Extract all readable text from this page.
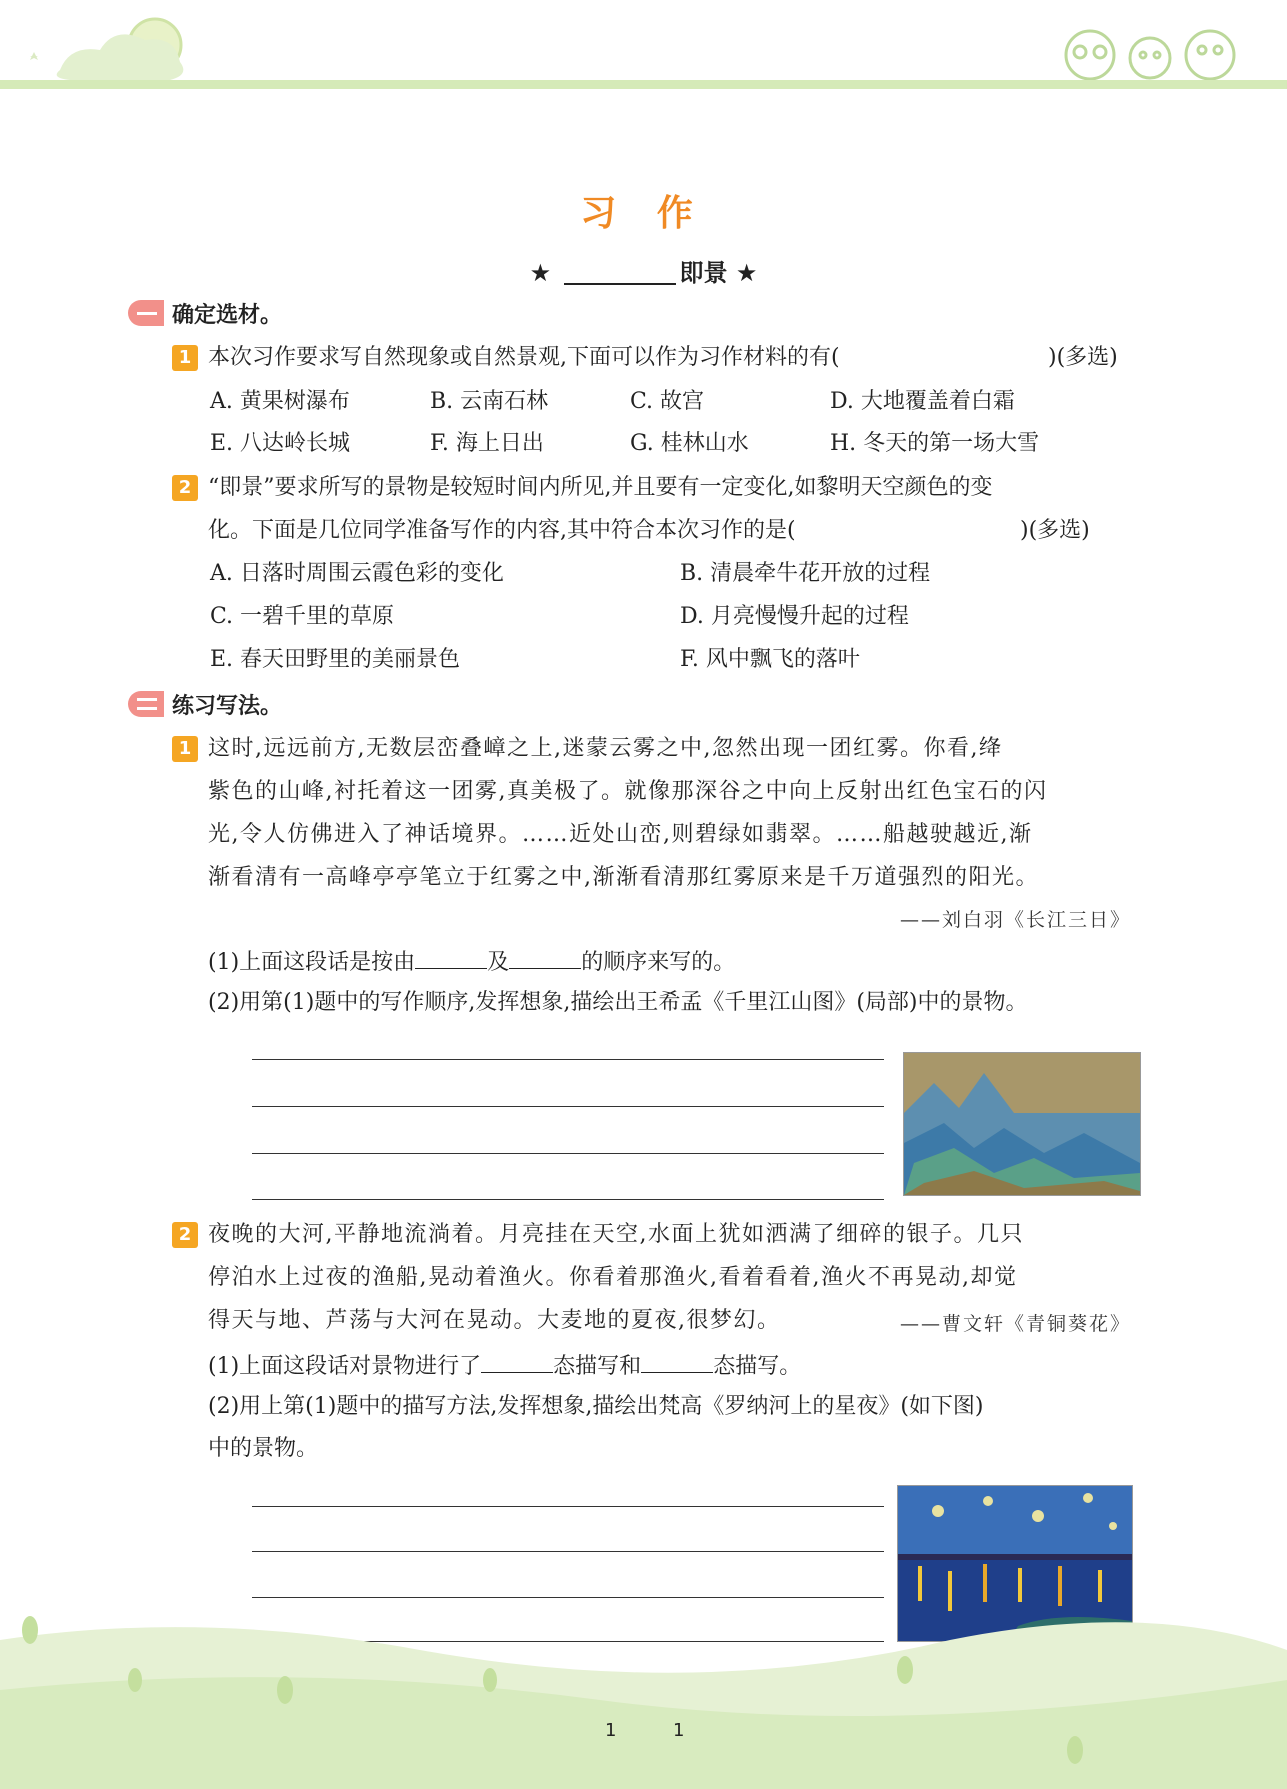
习 作
★	即景 ★
确定选材。
1 本次习作要求写自然现象或自然景观,下面可以作为习作材料的有(	)(多选)
A. 黄果树瀑布	B. 云南石林	C. 故宫	D. 大地覆盖着白霜
E. 八达岭长城	F. 海上日出	G. 桂林山水	H. 冬天的第一场大雪
2 “即景”要求所写的景物是较短时间内所见,并且要有一定变化,如黎明天空颜色的变
化。下面是几位同学准备写作的内容,其中符合本次习作的是(	)(多选)
A. 日落时周围云霞色彩的变化	B. 清晨牵牛花开放的过程
C. 一碧千里的草原	D. 月亮慢慢升起的过程
E. 春天田野里的美丽景色	F. 风中飘飞的落叶
练习写法。
1 这时,远远前方,无数层峦叠嶂之上,迷蒙云雾之中,忽然出现一团红雾。你看,绛
紫色的山峰,衬托着这一团雾,真美极了。就像那深谷之中向上反射出红色宝石的闪
光,令人仿佛进入了神话境界。……近处山峦,则碧绿如翡翠。……船越驶越近,渐
渐看清有一高峰亭亭笔立于红雾之中,渐渐看清那红雾原来是千万道强烈的阳光。
——刘白羽《长江三日》
(1)上面这段话是按由	及	的顺序来写的。
(2)用第(1)题中的写作顺序,发挥想象,描绘出王希孟《千里江山图》(局部)中的景物。
2 夜晚的大河,平静地流淌着。月亮挂在天空,水面上犹如洒满了细碎的银子。几只
停泊水上过夜的渔船,晃动着渔火。你看着那渔火,看着看着,渔火不再晃动,却觉
得天与地、芦荡与大河在晃动。大麦地的夏夜,很梦幻。	——曹文轩《青铜葵花》
(1)上面这段话对景物进行了	态描写和	态描写。
(2)用上第(1)题中的描写方法,发挥想象,描绘出梵高《罗纳河上的星夜》(如下图)
中的景物。
1	1
